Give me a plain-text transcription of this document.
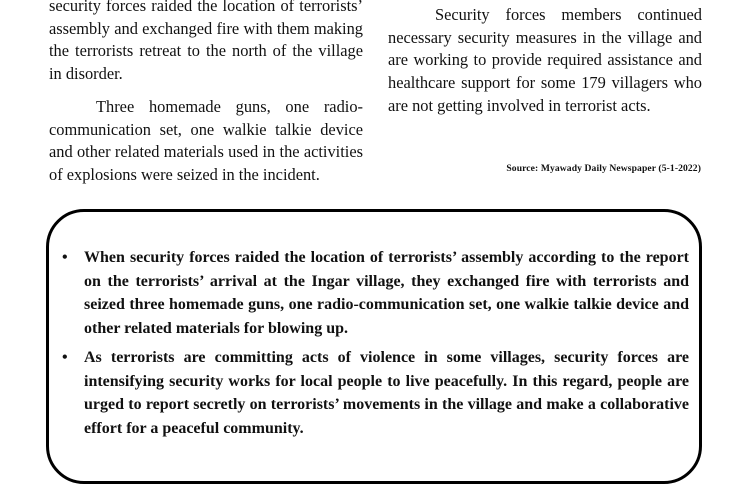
security forces raided the location of terrorists’ assembly and exchanged fire with them making the terrorists retreat to the north of the village in disorder.

Three homemade guns, one radio-communication set, one walkie talkie device and other related materials used in the activities of explosions were seized in the incident.

Security forces members continued necessary security measures in the village and are working to provide required assistance and healthcare support for some 179 villagers who are not getting involved in terrorist acts.

Source: Myawady Daily Newspaper (5-1-2022)
• When security forces raided the location of terrorists’ assembly according to the report on the terrorists’ arrival at the Ingar village, they exchanged fire with terrorists and seized three homemade guns, one radio-communication set, one walkie talkie device and other related materials for blowing up.
• As terrorists are committing acts of violence in some villages, security forces are intensifying security works for local people to live peacefully. In this regard, people are urged to report secretly on terrorists’ movements in the village and make a collaborative effort for a peaceful community.
